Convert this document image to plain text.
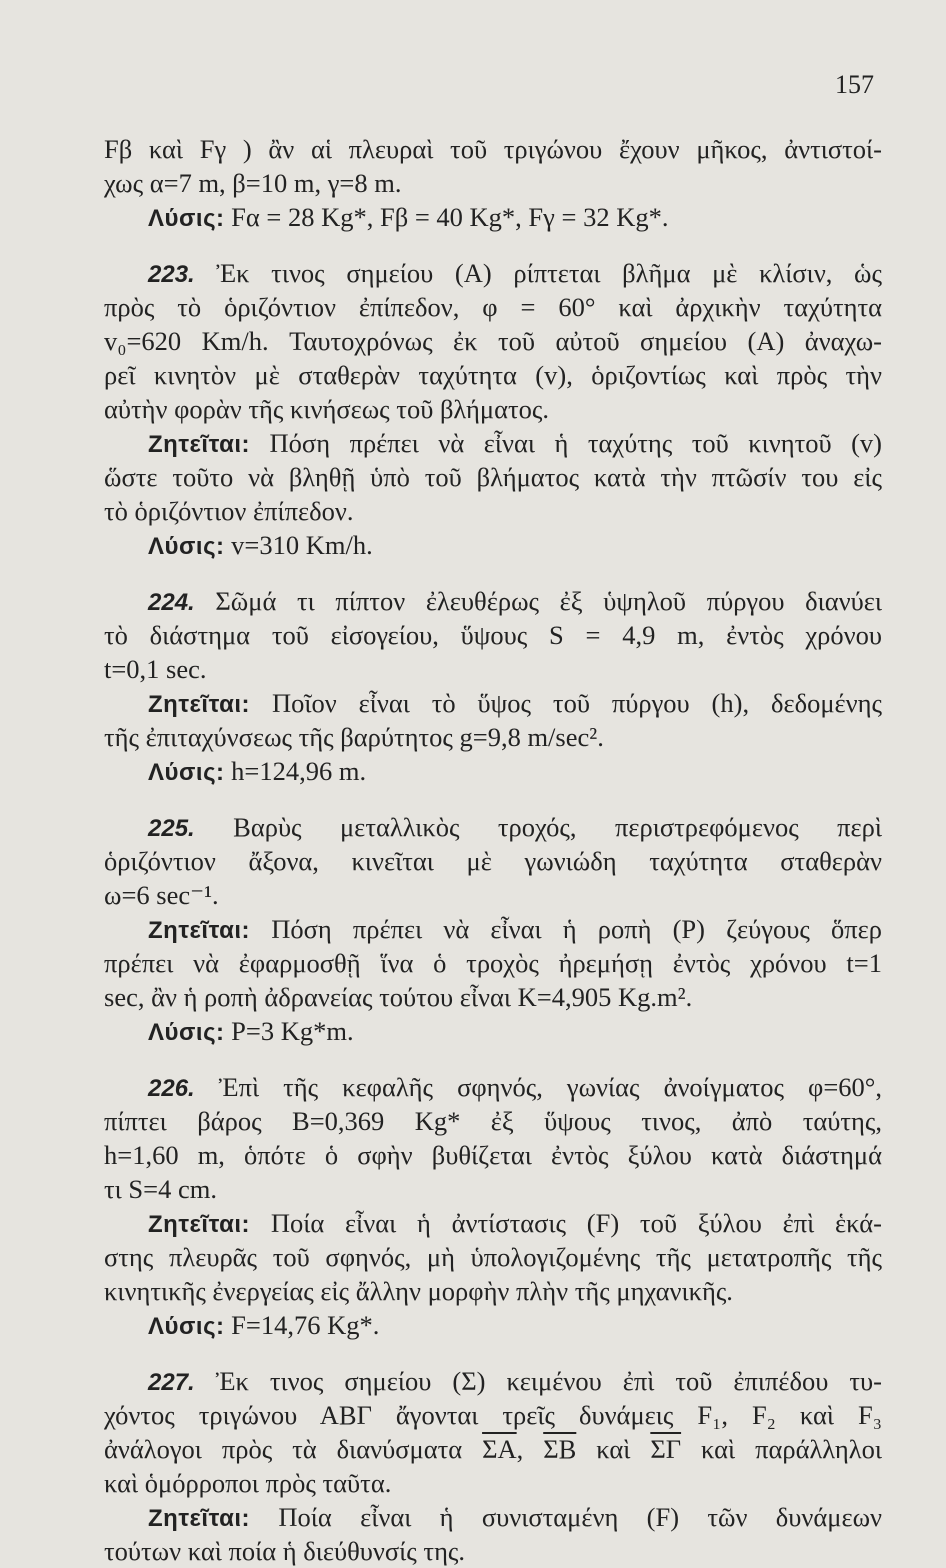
157
Fβ καὶ Fγ ) ἂν αἱ πλευραὶ τοῦ τριγώνου ἔχουν μῆκος, ἀντιστοί-
χως α=7 m, β=10 m, γ=8 m.
Λύσις: Fα = 28 Kg*, Fβ = 40 Kg*, Fγ = 32 Kg*.
223. Ἐκ τινος σημείου (Α) ρίπτεται βλῆμα μὲ κλίσιν, ὡς
πρὸς τὸ ὁριζόντιον ἐπίπεδον, φ = 60° καὶ ἀρχικὴν ταχύτητα
v₀=620 Km/h. Ταυτοχρόνως ἐκ τοῦ αὐτοῦ σημείου (Α) ἀναχω-
ρεῖ κινητὸν μὲ σταθερὰν ταχύτητα (v), ὁριζοντίως καὶ πρὸς τὴν
αὐτὴν φορὰν τῆς κινήσεως τοῦ βλήματος.
Ζητεῖται: Πόση πρέπει νὰ εἶναι ἡ ταχύτης τοῦ κινητοῦ (v)
ὥστε τοῦτο νὰ βληθῇ ὑπὸ τοῦ βλήματος κατὰ τὴν πτῶσίν του εἰς
τὸ ὁριζόντιον ἐπίπεδον.
Λύσις: v=310 Km/h.
224. Σῶμά τι πίπτον ἐλευθέρως ἐξ ὑψηλοῦ πύργου διανύει
τὸ διάστημα τοῦ εἰσογείου, ὕψους S = 4,9 m, ἐντὸς χρόνου
t=0,1 sec.
Ζητεῖται: Ποῖον εἶναι τὸ ὕψος τοῦ πύργου (h), δεδομένης
τῆς ἐπιταχύνσεως τῆς βαρύτητος g=9,8 m/sec².
Λύσις: h=124,96 m.
225. Βαρὺς μεταλλικὸς τροχός, περιστρεφόμενος περὶ
ὁριζόντιον ἄξονα, κινεῖται μὲ γωνιώδη ταχύτητα σταθερὰν
ω=6 sec⁻¹.
Ζητεῖται: Πόση πρέπει νὰ εἶναι ἡ ροπὴ (P) ζεύγους ὅπερ
πρέπει νὰ ἐφαρμοσθῇ ἵνα ὁ τροχὸς ἠρεμήσῃ ἐντὸς χρόνου t=1
sec, ἂν ἡ ροπὴ ἀδρανείας τούτου εἶναι K=4,905 Kg.m².
Λύσις: P=3 Kg*m.
226. Ἐπὶ τῆς κεφαλῆς σφηνός, γωνίας ἀνοίγματος φ=60°,
πίπτει βάρος B=0,369 Kg* ἐξ ὕψους τινος, ἀπὸ ταύτης,
h=1,60 m, ὁπότε ὁ σφὴν βυθίζεται ἐντὸς ξύλου κατὰ διάστημά
τι S=4 cm.
Ζητεῖται: Ποία εἶναι ἡ ἀντίστασις (F) τοῦ ξύλου ἐπὶ ἑκά-
στης πλευρᾶς τοῦ σφηνός, μὴ ὑπολογιζομένης τῆς μετατροπῆς τῆς
κινητικῆς ἐνεργείας εἰς ἄλλην μορφὴν πλὴν τῆς μηχανικῆς.
Λύσις: F=14,76 Kg*.
227. Ἐκ τινος σημείου (Σ) κειμένου ἐπὶ τοῦ ἐπιπέδου τυ-
χόντος τριγώνου ΑΒΓ ἄγονται τρεῖς δυνάμεις F₁, F₂ καὶ F₃
ἀνάλογοι πρὸς τὰ διανύσματα $\overline{\Sigma A}$, $\overline{\Sigma B}$ καὶ $\overline{\Sigma\Gamma}$ καὶ παράλληλοι
καὶ ὁμόρροποι πρὸς ταῦτα.
Ζητεῖται: Ποία εἶναι ἡ συνισταμένη (F) τῶν δυνάμεων
τούτων καὶ ποία ἡ διεύθυνσίς της.
